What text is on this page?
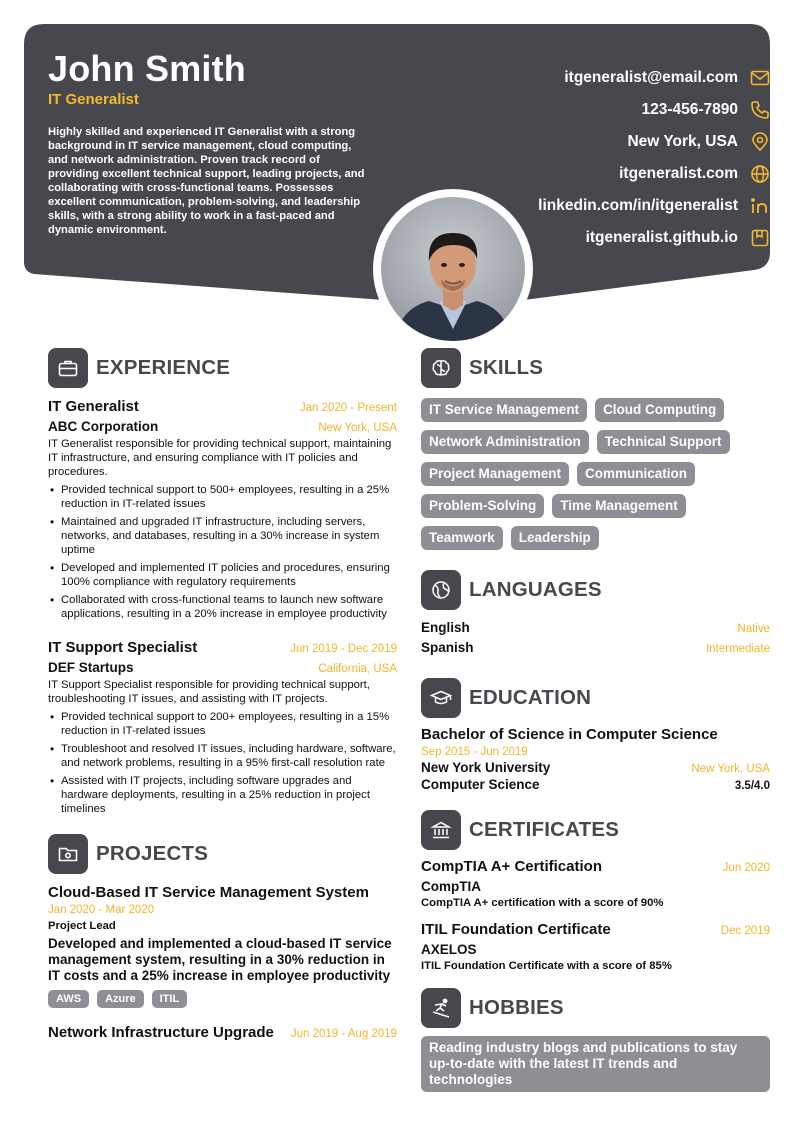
John Smith
IT Generalist
Highly skilled and experienced IT Generalist with a strong background in IT service management, cloud computing, and network administration. Proven track record of providing excellent technical support, leading projects, and collaborating with cross-functional teams. Possesses excellent communication, problem-solving, and leadership skills, with a strong ability to work in a fast-paced and dynamic environment.
itgeneralist@email.com
123-456-7890
New York, USA
itgeneralist.com
linkedin.com/in/itgeneralist
itgeneralist.github.io
EXPERIENCE
IT Generalist	Jan 2020 - Present
ABC Corporation	New York, USA
IT Generalist responsible for providing technical support, maintaining IT infrastructure, and ensuring compliance with IT policies and procedures.
• Provided technical support to 500+ employees, resulting in a 25% reduction in IT-related issues
• Maintained and upgraded IT infrastructure, including servers, networks, and databases, resulting in a 30% increase in system uptime
• Developed and implemented IT policies and procedures, ensuring 100% compliance with regulatory requirements
• Collaborated with cross-functional teams to launch new software applications, resulting in a 20% increase in employee productivity
IT Support Specialist	Jun 2019 - Dec 2019
DEF Startups	California, USA
IT Support Specialist responsible for providing technical support, troubleshooting IT issues, and assisting with IT projects.
• Provided technical support to 200+ employees, resulting in a 15% reduction in IT-related issues
• Troubleshoot and resolved IT issues, including hardware, software, and network problems, resulting in a 95% first-call resolution rate
• Assisted with IT projects, including software upgrades and hardware deployments, resulting in a 25% reduction in project timelines
PROJECTS
Cloud-Based IT Service Management System
Jan 2020 - Mar 2020
Project Lead
Developed and implemented a cloud-based IT service management system, resulting in a 30% reduction in IT costs and a 25% increase in employee productivity
AWS	Azure	ITIL
Network Infrastructure Upgrade Jun 2019 - Aug 2019
SKILLS
IT Service Management	Cloud Computing
Network Administration	Technical Support
Project Management	Communication
Problem-Solving	Time Management
Teamwork	Leadership
LANGUAGES
English	Native
Spanish	Intermediate
EDUCATION
Bachelor of Science in Computer Science
Sep 2015 - Jun 2019
New York University	New York, USA
Computer Science	3.5/4.0
CERTIFICATES
CompTIA A+ Certification	Jun 2020
CompTIA
CompTIA A+ certification with a score of 90%
ITIL Foundation Certificate	Dec 2019
AXELOS
ITIL Foundation Certificate with a score of 85%
HOBBIES
Reading industry blogs and publications to stay up-to-date with the latest IT trends and technologies
